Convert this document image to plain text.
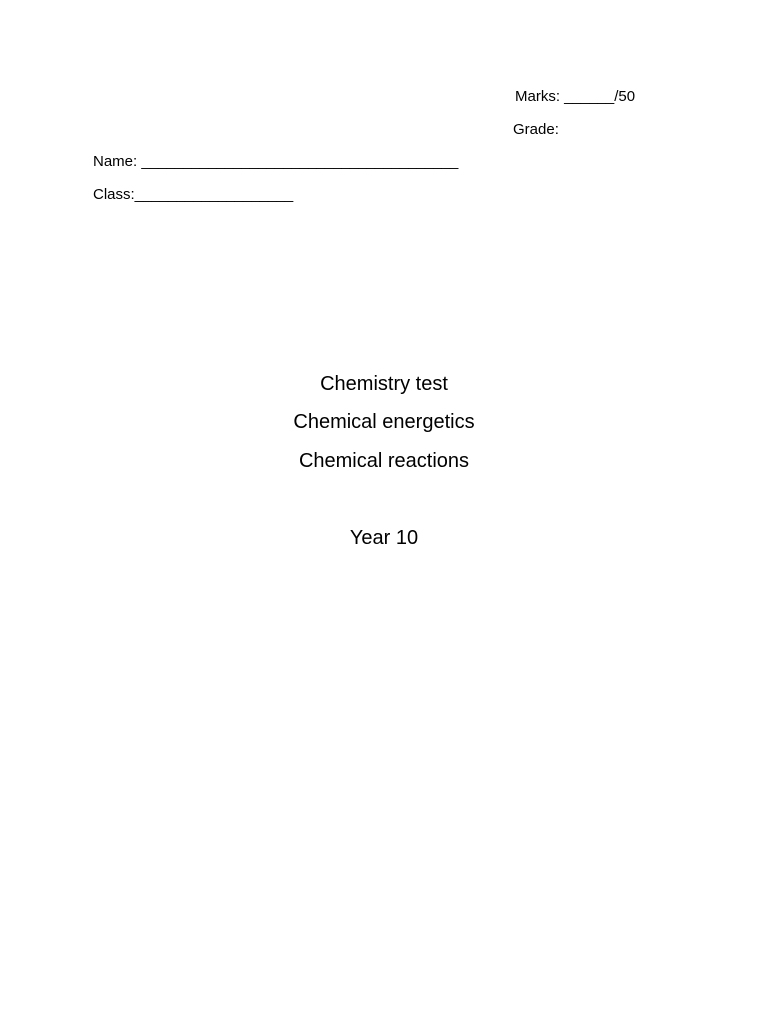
Marks: ______/50
Grade:
Name: ______________________________________
Class:___________________
Chemistry test
Chemical energetics
Chemical reactions
Year 10
